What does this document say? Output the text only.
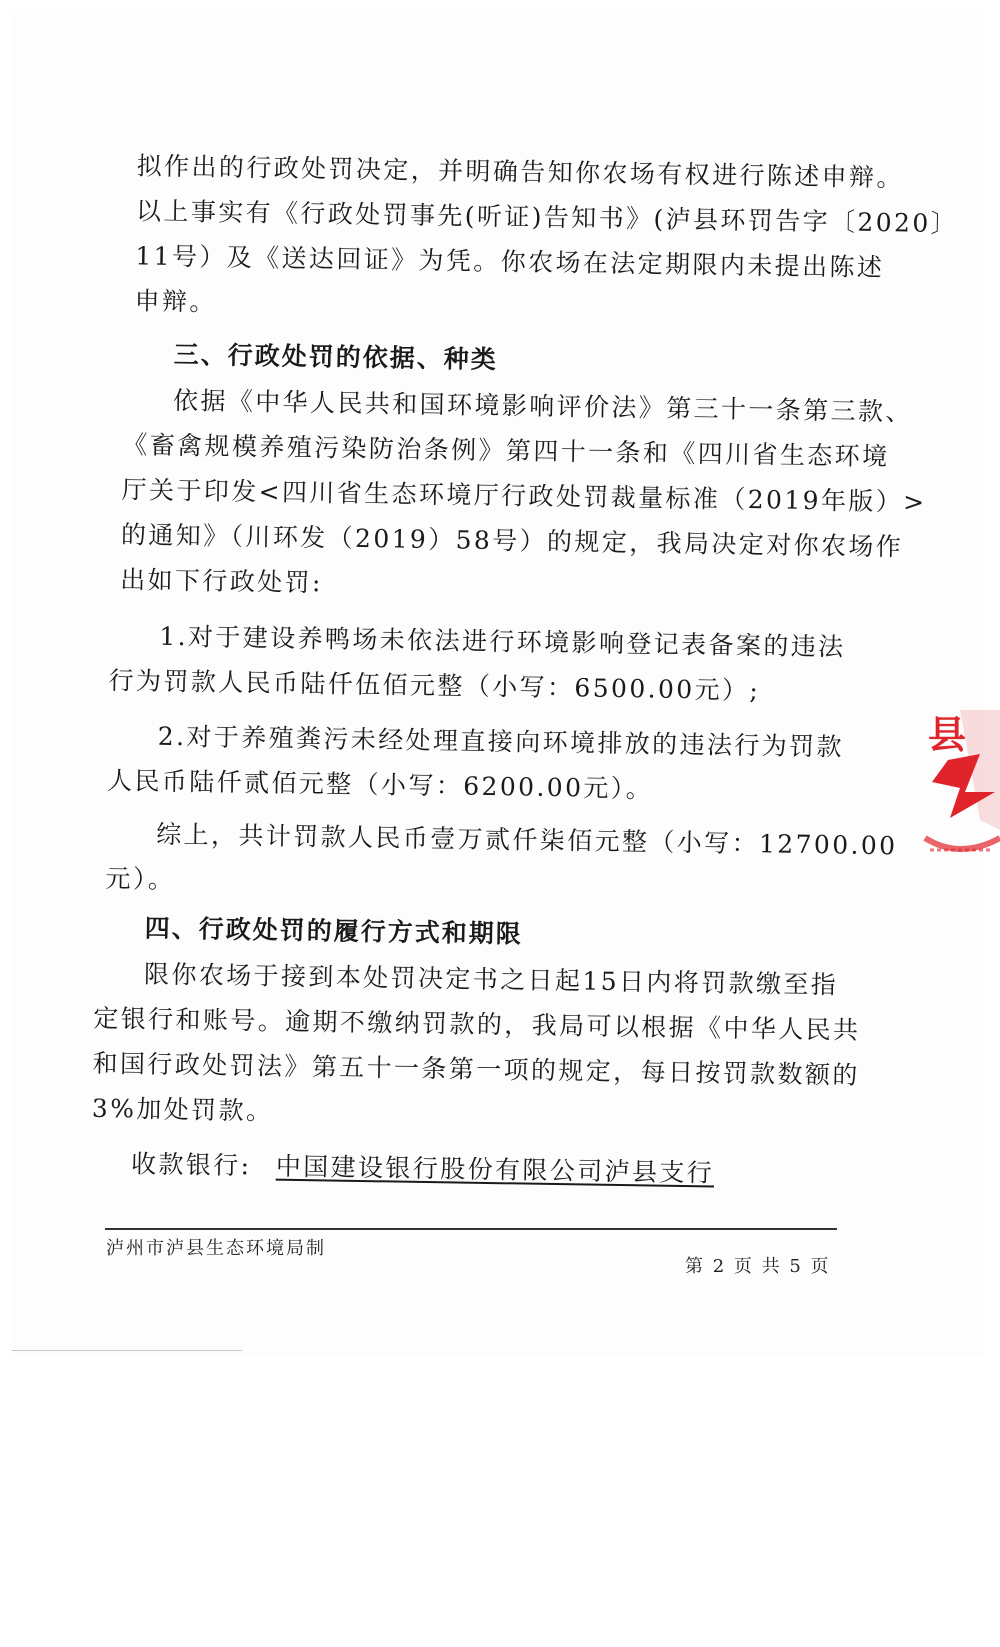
拟作出的行政处罚决定，并明确告知你农场有权进行陈述申辩。
以上事实有《行政处罚事先(听证)告知书》(泸县环罚告字〔2020〕
11号）及《送达回证》为凭。你农场在法定期限内未提出陈述
申辩。
三、行政处罚的依据、种类
依据《中华人民共和国环境影响评价法》第三十一条第三款、
《畜禽规模养殖污染防治条例》第四十一条和《四川省生态环境
厅关于印发<四川省生态环境厅行政处罚裁量标准（2019年版）>
的通知》（川环发（2019）58号）的规定，我局决定对你农场作
出如下行政处罚:
1.对于建设养鸭场未依法进行环境影响登记表备案的违法
行为罚款人民币陆仟伍佰元整（小写：6500.00元）;
2.对于养殖粪污未经处理直接向环境排放的违法行为罚款
人民币陆仟贰佰元整（小写：6200.00元）。
综上，共计罚款人民币壹万贰仟柒佰元整（小写：12700.00
元）。
四、行政处罚的履行方式和期限
限你农场于接到本处罚决定书之日起15日内将罚款缴至指
定银行和账号。逾期不缴纳罚款的，我局可以根据《中华人民共
和国行政处罚法》第五十一条第一项的规定，每日按罚款数额的
3%加处罚款。
收款银行: 中国建设银行股份有限公司泸县支行
泸州市泸县生态环境局制
第 2 页 共 5 页
县
